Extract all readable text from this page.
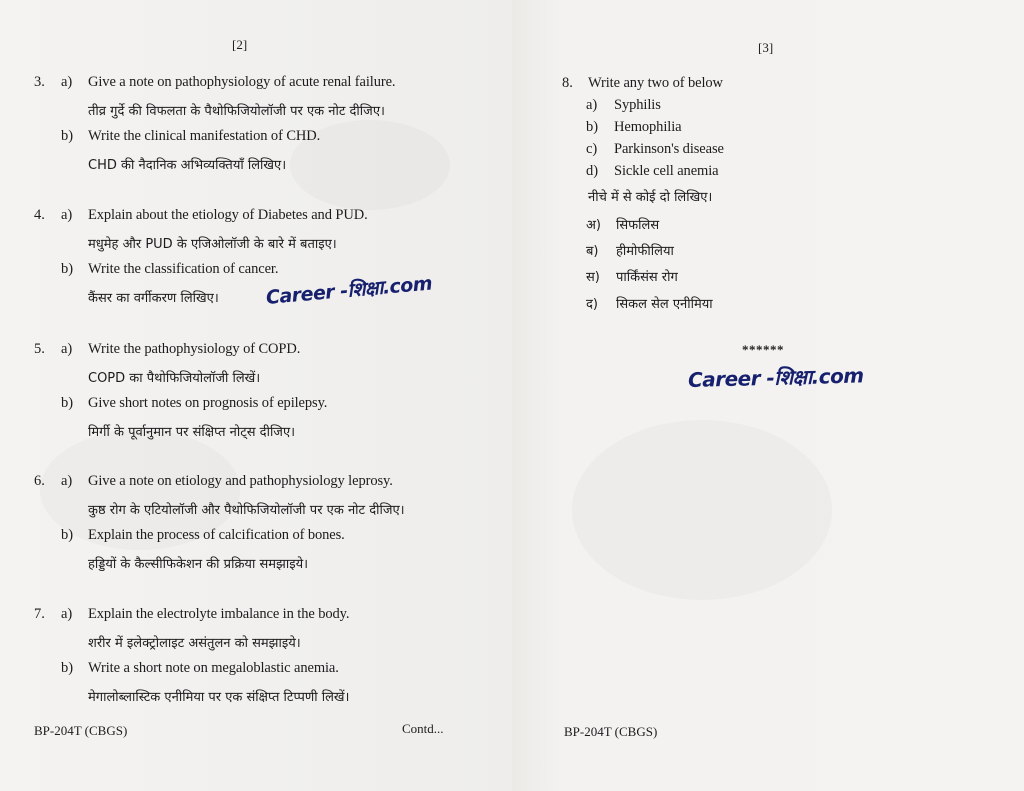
[2]
3. a) Give a note on pathophysiology of acute renal failure.
तीव्र गुर्दे की विफलता के पैथोफिजियोलॉजी पर एक नोट दीजिए।
b) Write the clinical manifestation of CHD.
CHD की नैदानिक अभिव्यक्तियाँ लिखिए।
4. a) Explain about the etiology of Diabetes and PUD.
मधुमेह और PUD के एजिओलॉजी के बारे में बताइए।
b) Write the classification of cancer.
कैंसर का वर्गीकरण लिखिए। Career -शिक्षा.com
5. a) Write the pathophysiology of COPD.
COPD का पैथोफिजियोलॉजी लिखें।
b) Give short notes on prognosis of epilepsy.
मिर्गी के पूर्वानुमान पर संक्षिप्त नोट्स दीजिए।
6. a) Give a note on etiology and pathophysiology leprosy.
कुष्ठ रोग के एटियोलॉजी और पैथोफिजियोलॉजी पर एक नोट दीजिए।
b) Explain the process of calcification of bones.
हड्डियों के कैल्सीफिकेशन की प्रक्रिया समझाइये।
7. a) Explain the electrolyte imbalance in the body.
शरीर में इलेक्ट्रोलाइट असंतुलन को समझाइये।
b) Write a short note on megaloblastic anemia.
मेगालोब्लास्टिक एनीमिया पर एक संक्षिप्त टिप्पणी लिखें।
BP-204T (CBGS)	Contd...
[3]
8. Write any two of below
a) Syphilis
b) Hemophilia
c) Parkinson's disease
d) Sickle cell anemia
नीचे में से कोई दो लिखिए।
अ) सिफलिस
ब) हीमोफीलिया
स) पार्किंसंस रोग
द) सिकल सेल एनीमिया
******
Career -शिक्षा.com
BP-204T (CBGS)
